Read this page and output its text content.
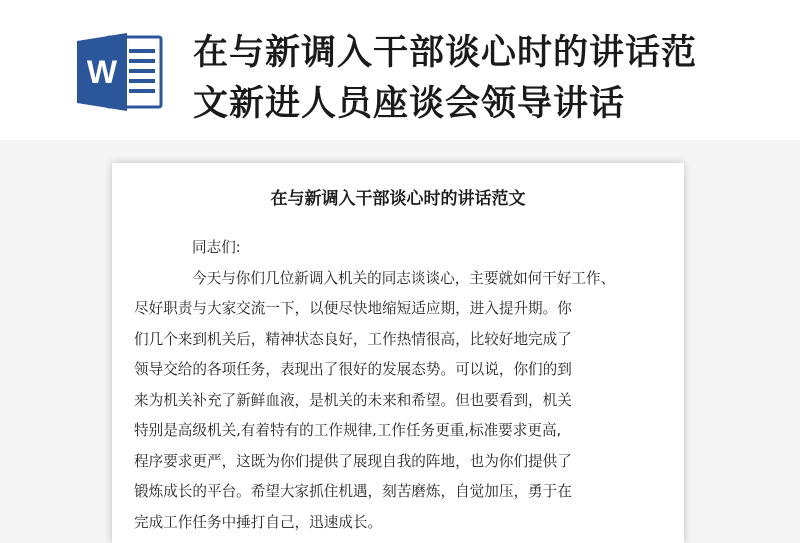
W 在与新调入干部谈心时的讲话范
文新进人员座谈会领导讲话
在与新调入干部谈心时的讲话范文
同志们:
今天与你们几位新调入机关的同志谈谈心，主要就如何干好工作、
尽好职责与大家交流一下，以便尽快地缩短适应期，进入提升期。你
们几个来到机关后，精神状态良好，工作热情很高，比较好地完成了
领导交给的各项任务，表现出了很好的发展态势。可以说，你们的到
来为机关补充了新鲜血液，是机关的未来和希望。但也要看到，机关
特别是高级机关,有着特有的工作规律,工作任务更重,标准要求更高,
程序要求更严，这既为你们提供了展现自我的阵地，也为你们提供了
锻炼成长的平台。希望大家抓住机遇，刻苦磨炼，自觉加压，勇于在
完成工作任务中捶打自己，迅速成长。
